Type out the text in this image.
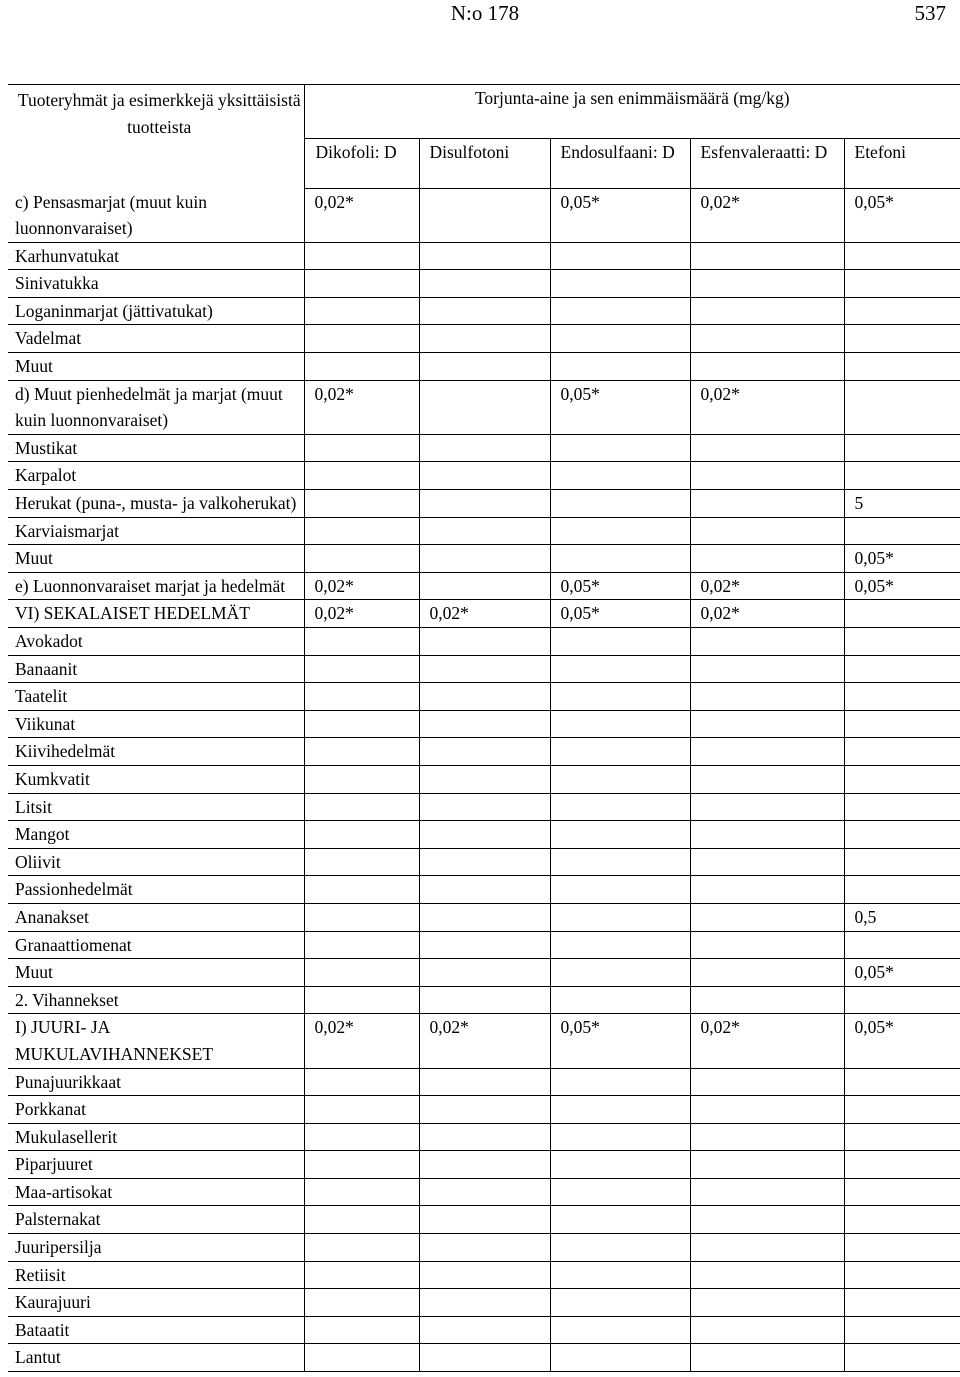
N:o 178	537
Tuoteryhmät ja esimerkkejä yksittäisistä tuotteista	Torjunta-aine ja sen enimmäismäärä (mg/kg)				
	Dikofoli: D	Disulfotoni	Endosulfaani: D	Esfenvaleraatti: D	Etefoni
c) Pensasmarjat (muut kuin luonnonvaraiset)	0,02*		0,05*	0,02*	0,05*
Karhunvatukat					
Sinivatukka					
Loganinmarjat (jättivatukat)					
Vadelmat					
Muut					
d) Muut pienhedelmät ja marjat (muut kuin luonnonvaraiset)	0,02*		0,05*	0,02*	
Mustikat					
Karpalot					
Herukat (puna-, musta- ja valkoherukat)					5
Karviaismarjat					
Muut					0,05*
e) Luonnonvaraiset marjat ja hedelmät	0,02*		0,05*	0,02*	0,05*
VI) SEKALAISET HEDELMÄT	0,02*	0,02*	0,05*	0,02*	
Avokadot					
Banaanit					
Taatelit					
Viikunat					
Kiivihedelmät					
Kumkvatit					
Litsit					
Mangot					
Oliivit					
Passionhedelmät					
Ananakset					0,5
Granaattiomenat					
Muut					0,05*
2. Vihannekset					
I) JUURI- JA MUKULAVIHANNEKSET	0,02*	0,02*	0,05*	0,02*	0,05*
Punajuurikkaat					
Porkkanat					
Mukulasellerit					
Piparjuuret					
Maa-artisokat					
Palsternakat					
Juuripersilja					
Retiisit					
Kaurajuuri					
Bataatit					
Lantut					
